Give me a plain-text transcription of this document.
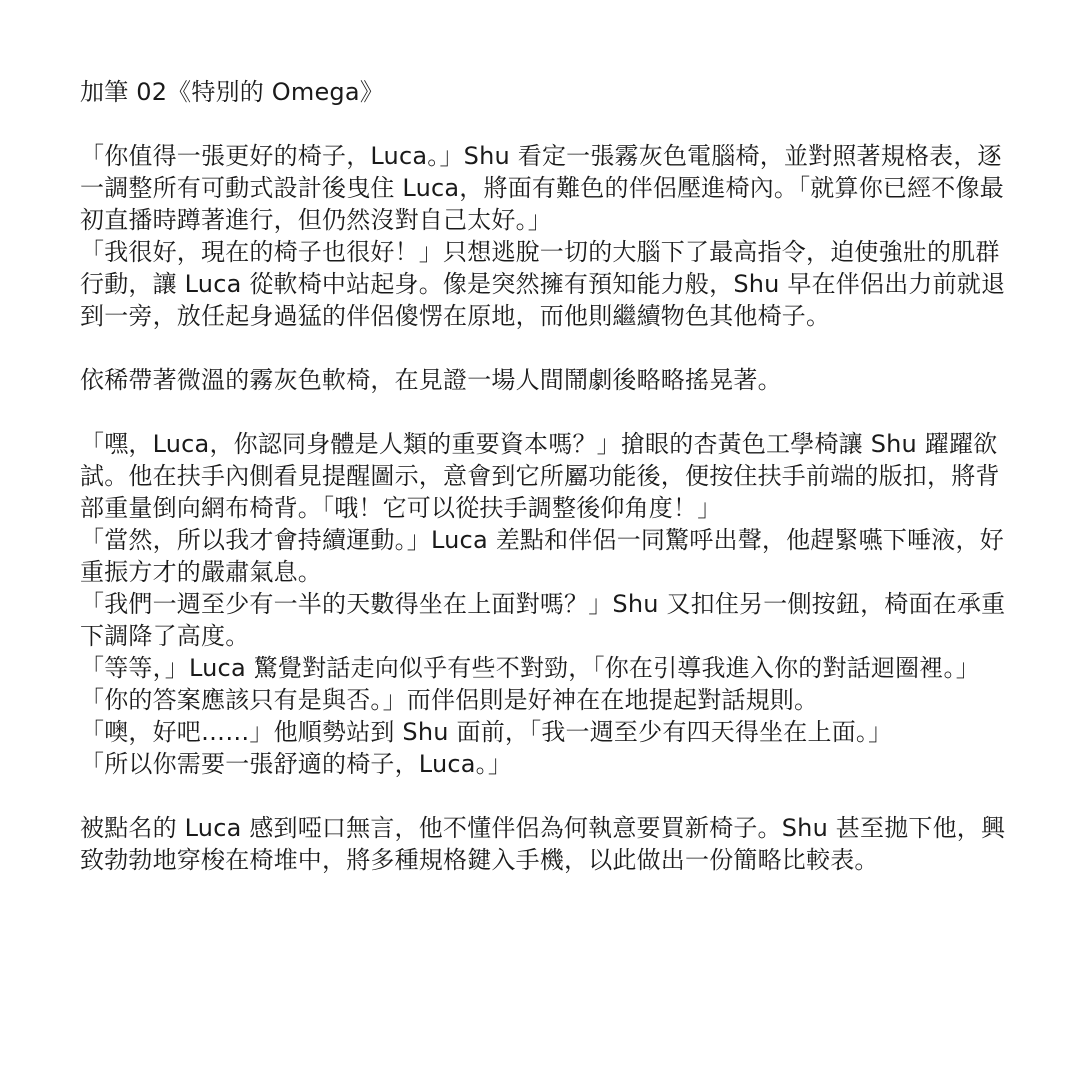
加筆 02《特別的 Omega》

「你值得一張更好的椅子，Luca。」Shu 看定一張霧灰色電腦椅，並對照著規格表，逐一調整所有可動式設計後曳住 Luca，將面有難色的伴侶壓進椅內。「就算你已經不像最初直播時蹲著進行，但仍然沒對自己太好。」

「我很好，現在的椅子也很好！」只想逃脫一切的大腦下了最高指令，迫使強壯的肌群行動，讓 Luca 從軟椅中站起身。像是突然擁有預知能力般，Shu 早在伴侶出力前就退到一旁，放任起身過猛的伴侶傻愣在原地，而他則繼續物色其他椅子。

依稀帶著微溫的霧灰色軟椅，在見證一場人間鬧劇後略略搖晃著。

「嘿，Luca，你認同身體是人類的重要資本嗎？」搶眼的杏黃色工學椅讓 Shu 躍躍欲試。他在扶手內側看見提醒圖示，意會到它所屬功能後，便按住扶手前端的版扣，將背部重量倒向網布椅背。「哦！它可以從扶手調整後仰角度！」

「當然，所以我才會持續運動。」Luca 差點和伴侶一同驚呼出聲，他趕緊嚥下唾液，好重振方才的嚴肅氣息。

「我們一週至少有一半的天數得坐在上面對嗎？」Shu 又扣住另一側按鈕，椅面在承重下調降了高度。

「等等，」Luca 驚覺對話走向似乎有些不對勁，「你在引導我進入你的對話迴圈裡。」

「你的答案應該只有是與否。」而伴侶則是好神在在地提起對話規則。

「噢，好吧……」他順勢站到 Shu 面前，「我一週至少有四天得坐在上面。」

「所以你需要一張舒適的椅子，Luca。」

被點名的 Luca 感到啞口無言，他不懂伴侶為何執意要買新椅子。Shu 甚至拋下他，興致勃勃地穿梭在椅堆中，將多種規格鍵入手機，以此做出一份簡略比較表。
